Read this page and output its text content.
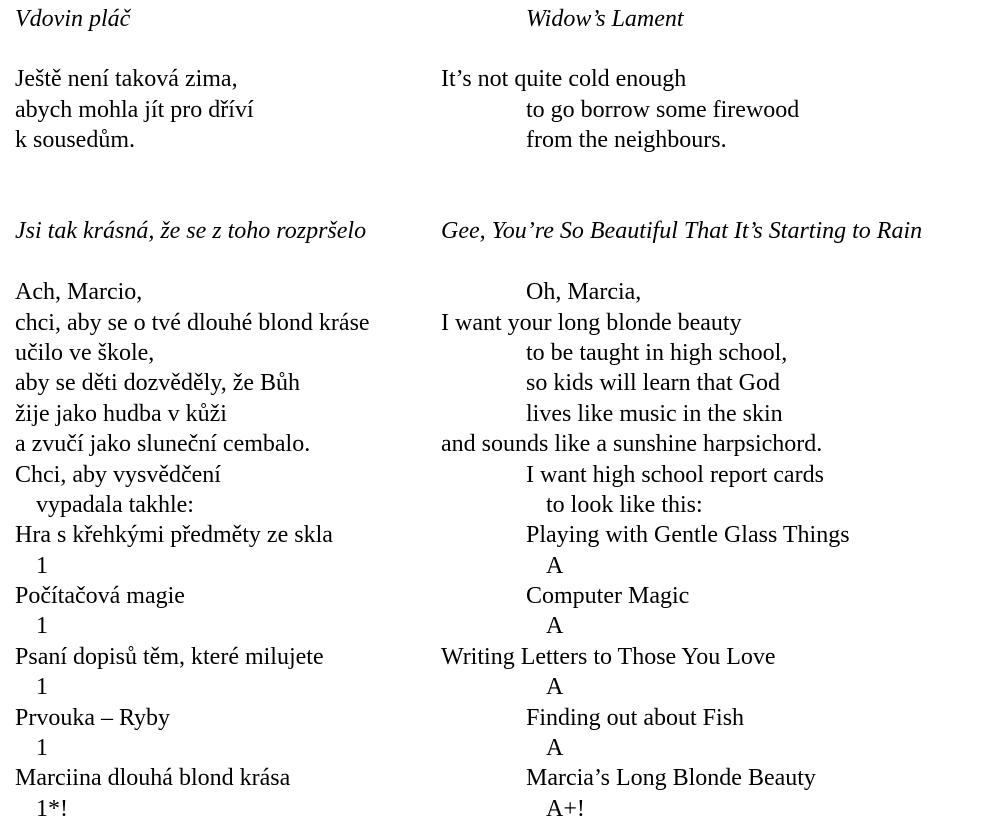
Vdovin pláč	Widow’s Lament
Ještě není taková zima,
abych mohla jít pro dříví
k sousedům.
It’s not quite cold enough
to go borrow some firewood
from the neighbours.
Jsi tak krásná, že se z toho rozpršelo	Gee, You’re So Beautiful That It’s Starting to Rain
Ach, Marcio,
chci, aby se o tvé dlouhé blond kráse
učilo ve škole,
aby se děti dozvěděly, že Bůh
žije jako hudba v kůži
a zvučí jako sluneční cembalo.
Chci, aby vysvědčení
vypadala takhle:
Hra s křehkými předměty ze skla
1
Počítačová magie
1
Psaní dopisů těm, které milujete
1
Prvouka – Ryby
1
Marciina dlouhá blond krása
1*!
Oh, Marcia,
I want your long blonde beauty
to be taught in high school,
so kids will learn that God
lives like music in the skin
and sounds like a sunshine harpsichord.
I want high school report cards
to look like this:
Playing with Gentle Glass Things
A
Computer Magic
A
Writing Letters to Those You Love
A
Finding out about Fish
A
Marcia’s Long Blonde Beauty
A+!
